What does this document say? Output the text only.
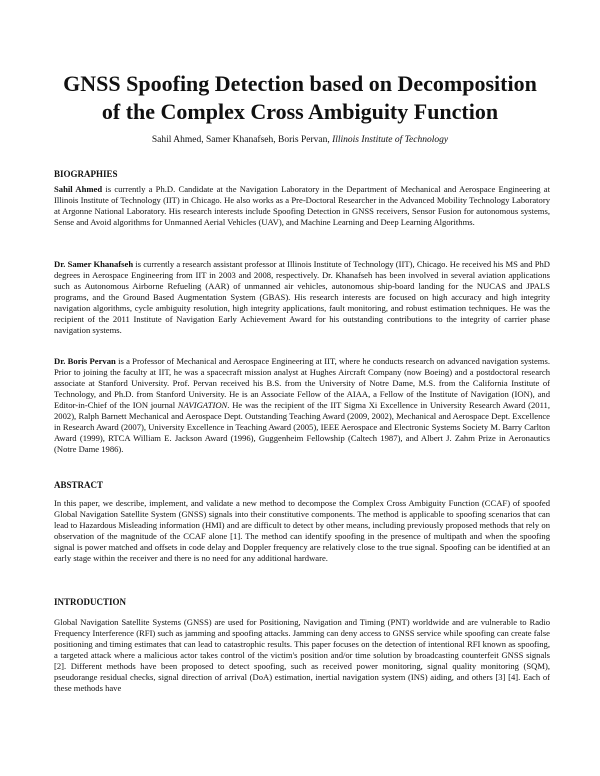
GNSS Spoofing Detection based on Decomposition
of the Complex Cross Ambiguity Function
Sahil Ahmed, Samer Khanafseh, Boris Pervan, Illinois Institute of Technology
BIOGRAPHIES

Sahil Ahmed is currently a Ph.D. Candidate at the Navigation Laboratory in the Department of Mechanical and Aerospace Engineering at Illinois Institute of Technology (IIT) in Chicago. He also works as a Pre-Doctoral Researcher in the Advanced Mobility Technology Laboratory at Argonne National Laboratory. His research interests include Spoofing Detection in GNSS receivers, Sensor Fusion for autonomous systems, Sense and Avoid algorithms for Unmanned Aerial Vehicles (UAV), and Machine Learning and Deep Learning Algorithms.

Dr. Samer Khanafseh is currently a research assistant professor at Illinois Institute of Technology (IIT), Chicago. He received his MS and PhD degrees in Aerospace Engineering from IIT in 2003 and 2008, respectively. Dr. Khanafseh has been involved in several aviation applications such as Autonomous Airborne Refueling (AAR) of unmanned air vehicles, autonomous ship-board landing for the NUCAS and JPALS programs, and the Ground Based Augmentation System (GBAS). His research interests are focused on high accuracy and high integrity navigation algorithms, cycle ambiguity resolution, high integrity applications, fault monitoring, and robust estimation techniques. He was the recipient of the 2011 Institute of Navigation Early Achievement Award for his outstanding contributions to the integrity of carrier phase navigation systems.

Dr. Boris Pervan is a Professor of Mechanical and Aerospace Engineering at IIT, where he conducts research on advanced navigation systems. Prior to joining the faculty at IIT, he was a spacecraft mission analyst at Hughes Aircraft Company (now Boeing) and a postdoctoral research associate at Stanford University. Prof. Pervan received his B.S. from the University of Notre Dame, M.S. from the California Institute of Technology, and Ph.D. from Stanford University. He is an Associate Fellow of the AIAA, a Fellow of the Institute of Navigation (ION), and Editor-in-Chief of the ION journal NAVIGATION. He was the recipient of the IIT Sigma Xi Excellence in University Research Award (2011, 2002), Ralph Barnett Mechanical and Aerospace Dept. Outstanding Teaching Award (2009, 2002), Mechanical and Aerospace Dept. Excellence in Research Award (2007), University Excellence in Teaching Award (2005), IEEE Aerospace and Electronic Systems Society M. Barry Carlton Award (1999), RTCA William E. Jackson Award (1996), Guggenheim Fellowship (Caltech 1987), and Albert J. Zahm Prize in Aeronautics (Notre Dame 1986).

ABSTRACT

In this paper, we describe, implement, and validate a new method to decompose the Complex Cross Ambiguity Function (CCAF) of spoofed Global Navigation Satellite System (GNSS) signals into their constitutive components. The method is applicable to spoofing scenarios that can lead to Hazardous Misleading information (HMI) and are difficult to detect by other means, including previously proposed methods that rely on observation of the magnitude of the CCAF alone [1]. The method can identify spoofing in the presence of multipath and when the spoofing signal is power matched and offsets in code delay and Doppler frequency are relatively close to the true signal. Spoofing can be identified at an early stage within the receiver and there is no need for any additional hardware.

INTRODUCTION

Global Navigation Satellite Systems (GNSS) are used for Positioning, Navigation and Timing (PNT) worldwide and are vulnerable to Radio Frequency Interference (RFI) such as jamming and spoofing attacks. Jamming can deny access to GNSS service while spoofing can create false positioning and timing estimates that can lead to catastrophic results. This paper focuses on the detection of intentional RFI known as spoofing, a targeted attack where a malicious actor takes control of the victim's position and/or time solution by broadcasting counterfeit GNSS signals [2]. Different methods have been proposed to detect spoofing, such as received power monitoring, signal quality monitoring (SQM), pseudorange residual checks, signal direction of arrival (DoA) estimation, inertial navigation system (INS) aiding, and others [3] [4]. Each of these methods have
